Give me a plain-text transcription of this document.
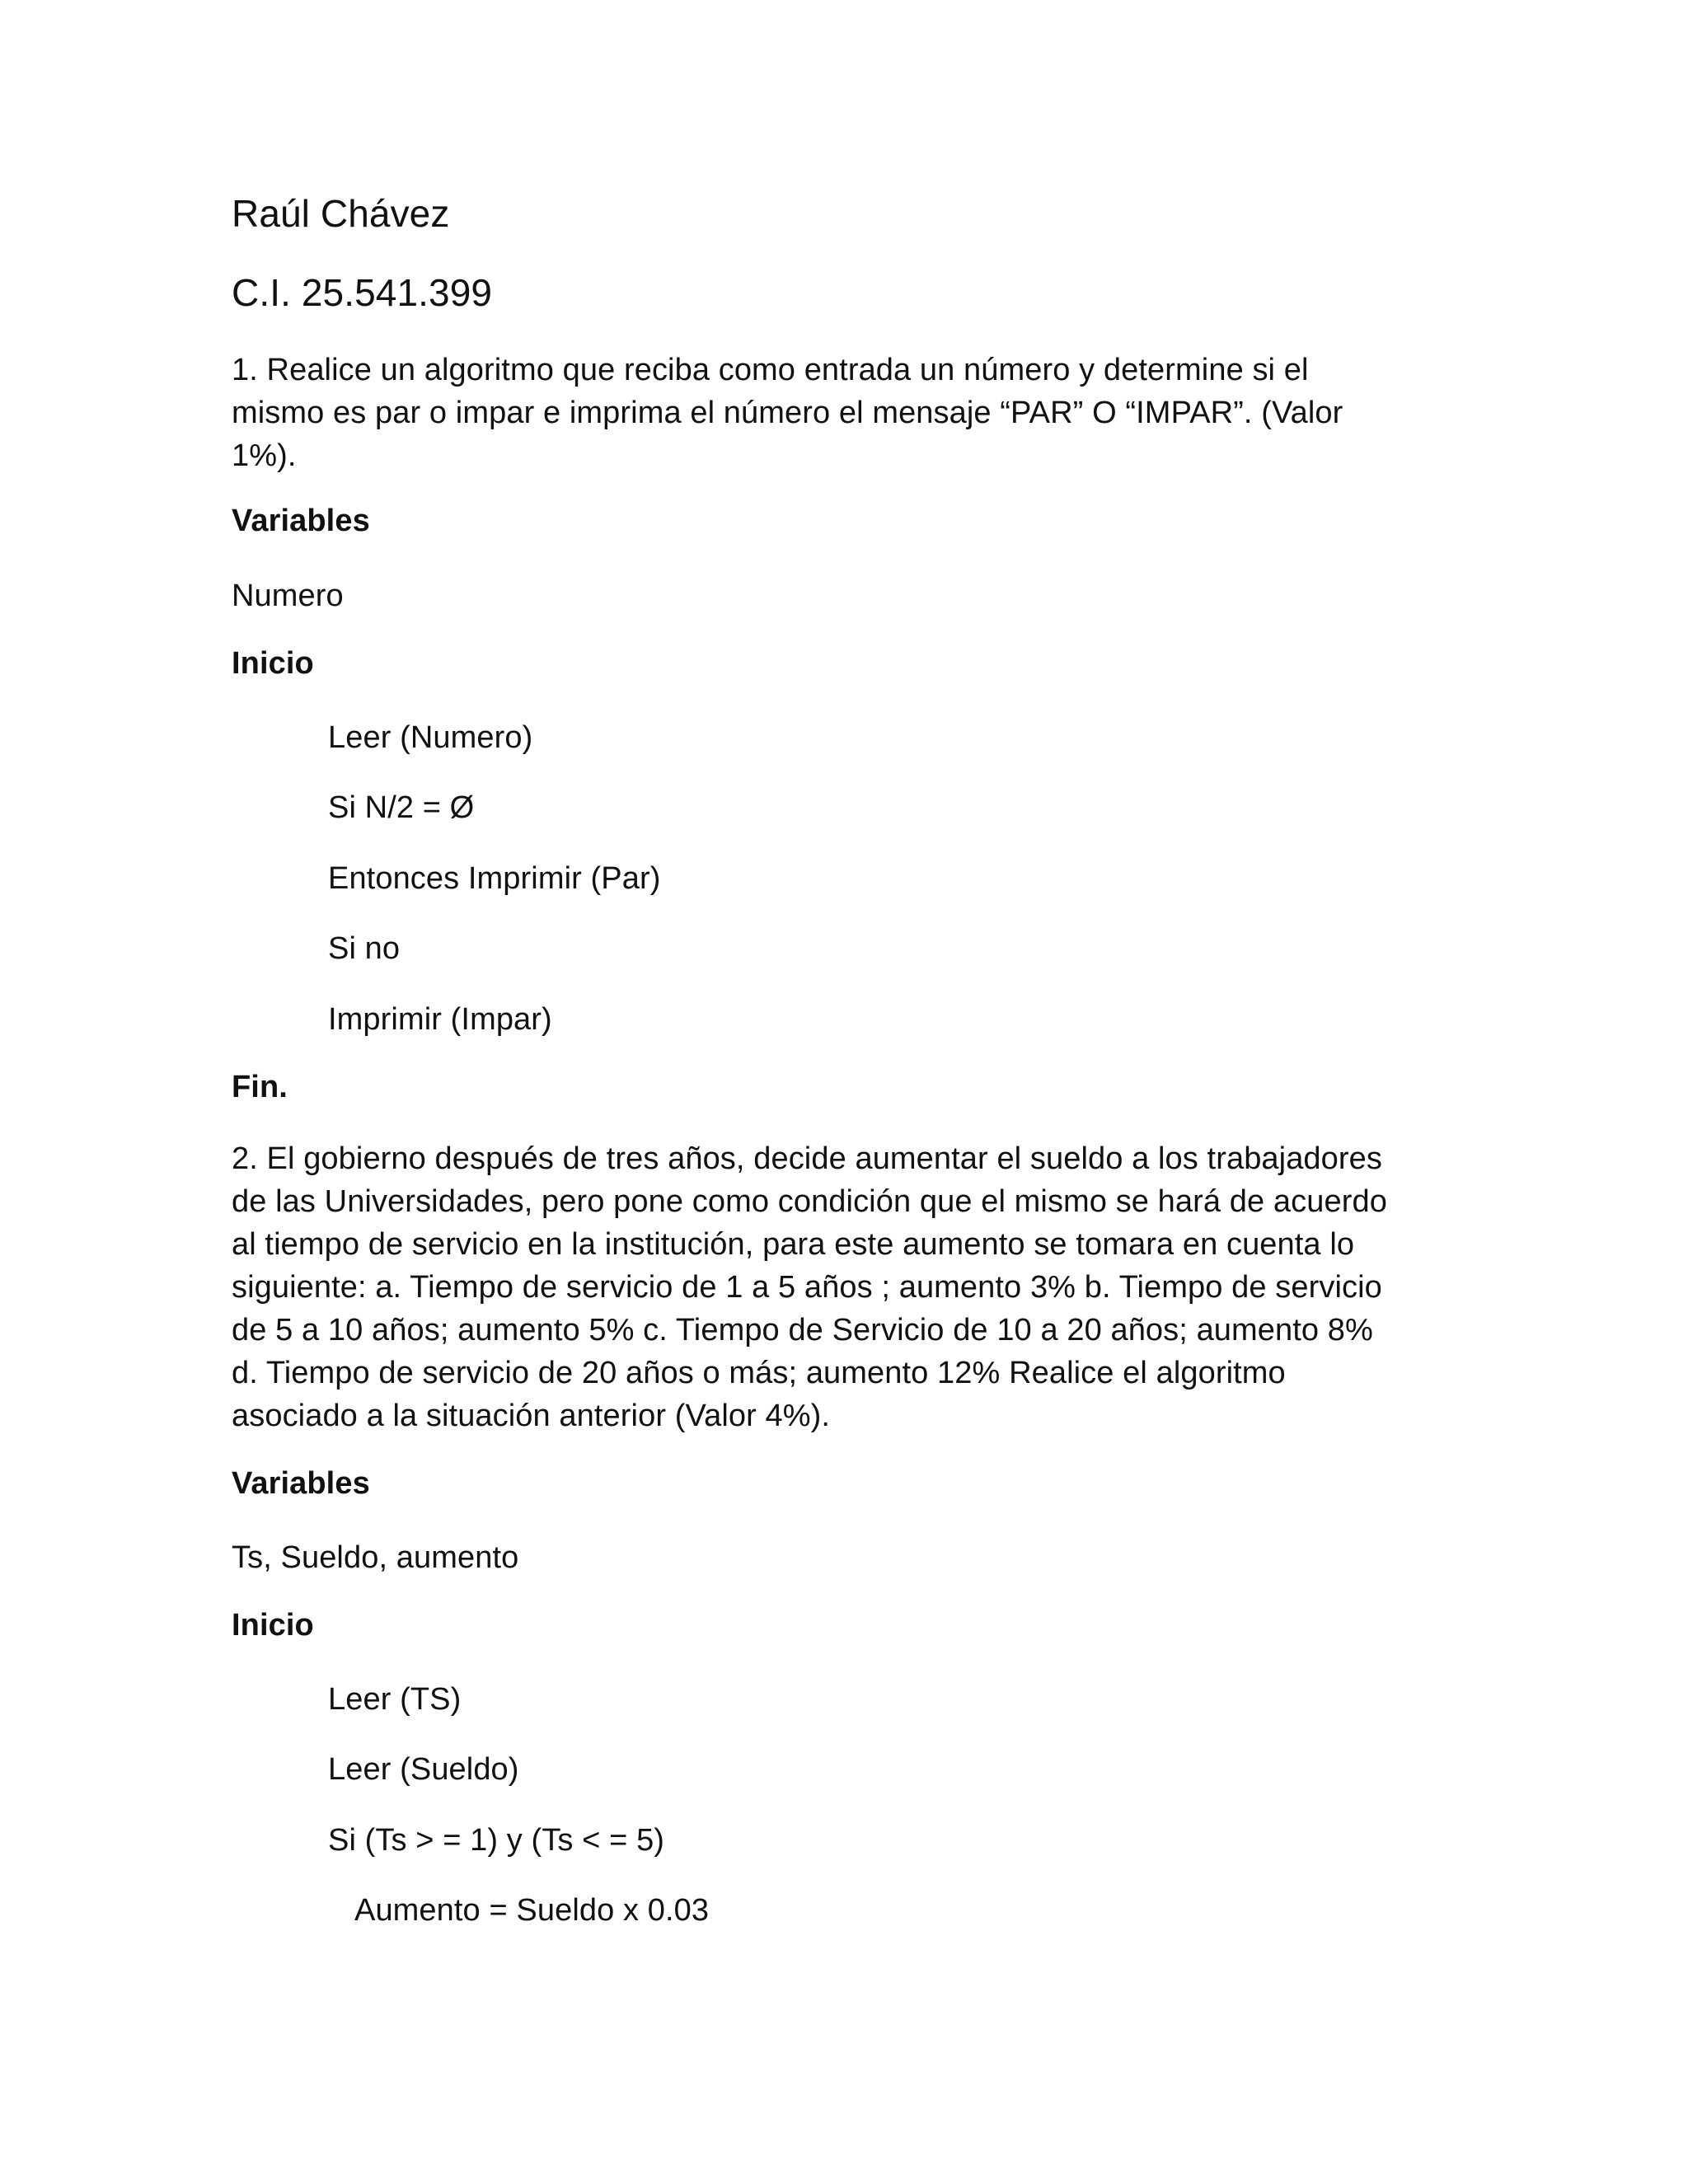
Raúl Chávez
C.I. 25.541.399
1. Realice un algoritmo que reciba como entrada un número y determine si el
mismo es par o impar e imprima el número el mensaje “PAR” O “IMPAR”. (Valor
1%).
Variables
Numero
Inicio
Leer (Numero)
Si N/2 = Ø
Entonces Imprimir (Par)
Si no
Imprimir (Impar)
Fin.
2. El gobierno después de tres años, decide aumentar el sueldo a los trabajadores
de las Universidades, pero pone como condición que el mismo se hará de acuerdo
al tiempo de servicio en la institución, para este aumento se tomara en cuenta lo
siguiente: a. Tiempo de servicio de 1 a 5 años ; aumento 3% b. Tiempo de servicio
de 5 a 10 años; aumento 5% c. Tiempo de Servicio de 10 a 20 años; aumento 8%
d. Tiempo de servicio de 20 años o más; aumento 12% Realice el algoritmo
asociado a la situación anterior (Valor 4%).
Variables
Ts, Sueldo, aumento
Inicio
Leer (TS)
Leer (Sueldo)
Si (Ts > = 1) y (Ts < = 5)
Aumento = Sueldo x 0.03
